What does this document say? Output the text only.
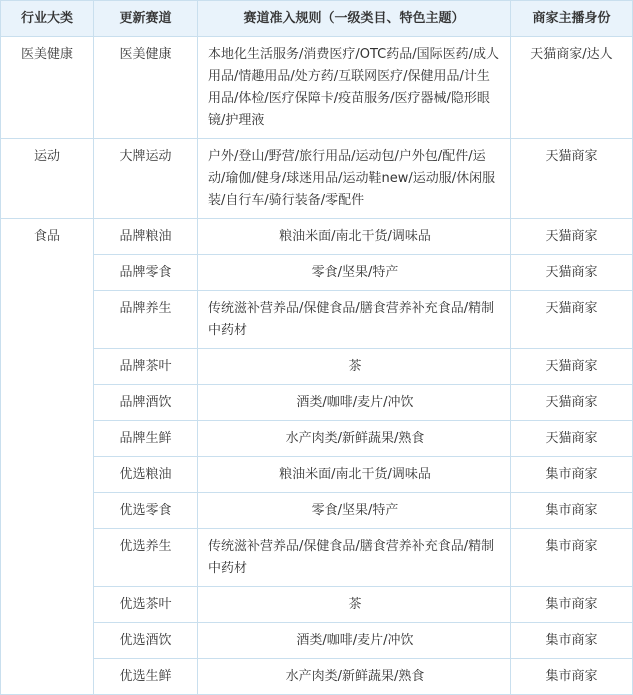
行业大类	更新赛道	赛道准入规则（一级类目、特色主题）	商家主播身份
医美健康	医美健康	本地化生活服务/消费医疗/OTC药品/国际医药/成人用品/情趣用品/处方药/互联网医疗/保健用品/计生用品/体检/医疗保障卡/疫苗服务/医疗器械/隐形眼镜/护理液	天猫商家/达人
运动	大牌运动	户外/登山/野营/旅行用品/运动包/户外包/配件/运动/瑜伽/健身/球迷用品/运动鞋new/运动服/休闲服装/自行车/骑行装备/零配件	天猫商家
食品	品牌粮油	粮油米面/南北干货/调味品	天猫商家
	品牌零食	零食/坚果/特产	天猫商家
	品牌养生	传统滋补营养品/保健食品/膳食营养补充食品/精制中药材	天猫商家
	品牌茶叶	茶	天猫商家
	品牌酒饮	酒类/咖啡/麦片/冲饮	天猫商家
	品牌生鲜	水产肉类/新鲜蔬果/熟食	天猫商家
	优选粮油	粮油米面/南北干货/调味品	集市商家
	优选零食	零食/坚果/特产	集市商家
	优选养生	传统滋补营养品/保健食品/膳食营养补充食品/精制中药材	集市商家
	优选茶叶	茶	集市商家
	优选酒饮	酒类/咖啡/麦片/冲饮	集市商家
	优选生鲜	水产肉类/新鲜蔬果/熟食	集市商家
